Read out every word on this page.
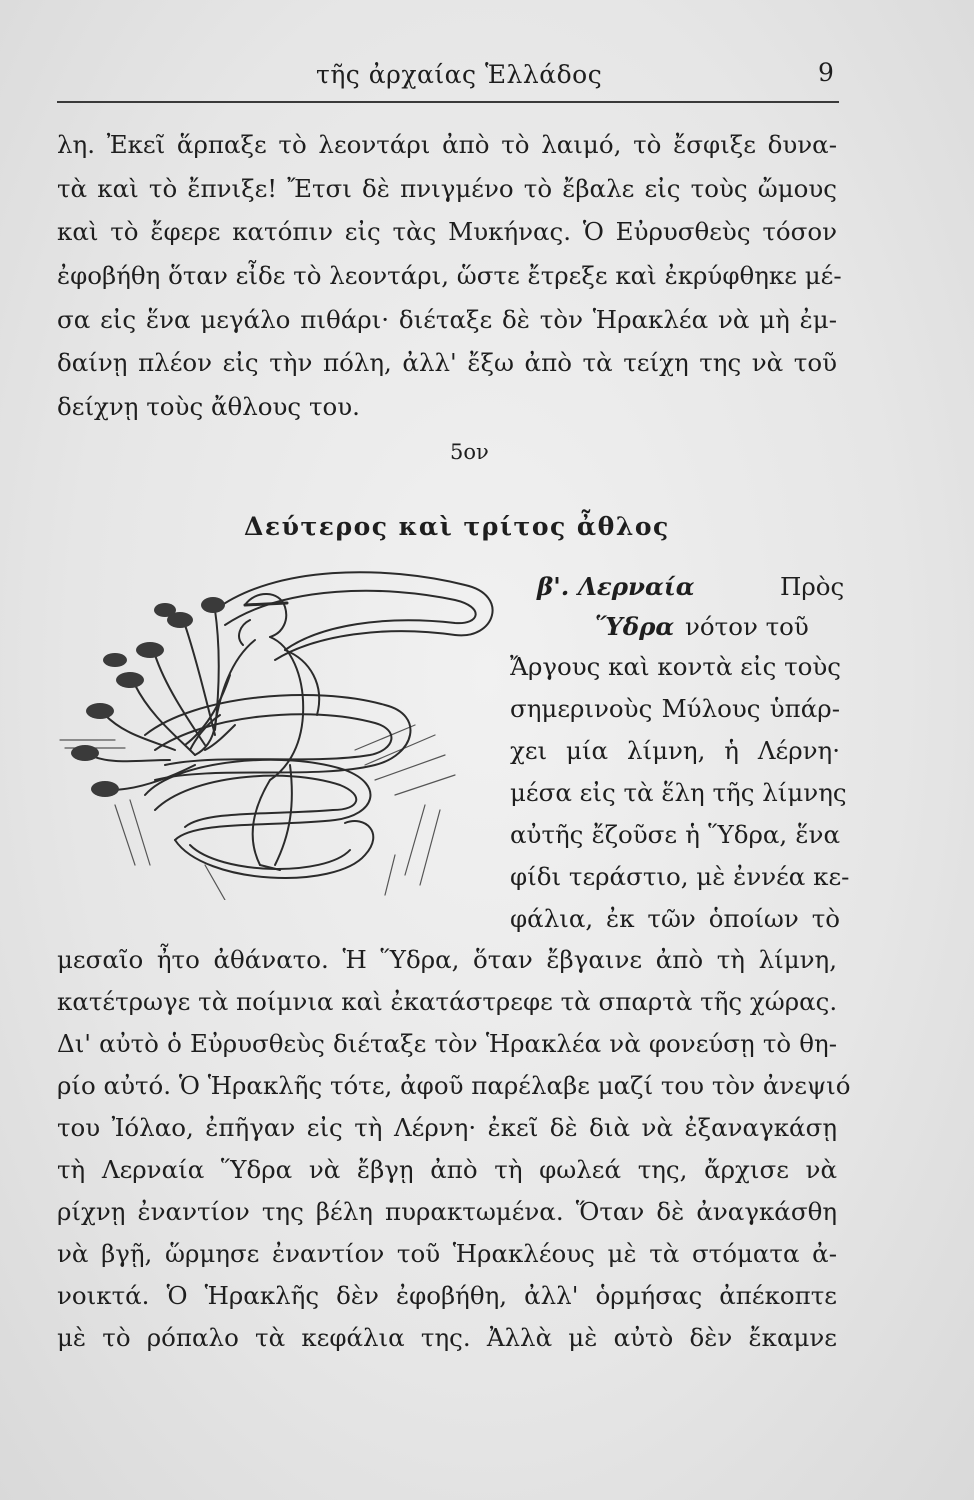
τῆς ἀρχαίας Ἑλλάδος	9
λη. Ἐκεῖ ἅρπαξε τὸ λεοντάρι ἀπὸ τὸ λαιμό, τὸ ἔσφιξε δυνα-
τὰ καὶ τὸ ἔπνιξε! Ἔτσι δὲ πνιγμένο τὸ ἔβαλε εἰς τοὺς ὤμους
καὶ τὸ ἔφερε κατόπιν εἰς τὰς Μυκήνας. Ὁ Εὐρυσθεὺς τόσον
ἐφοβήθη ὅταν εἶδε τὸ λεοντάρι, ὥστε ἔτρεξε καὶ ἐκρύφθηκε μέ-
σα εἰς ἕνα μεγάλο πιθάρι· διέταξε δὲ τὸν Ἡρακλέα νὰ μὴ ἐμ-
δαίνῃ πλέον εἰς τὴν πόλη, ἀλλ' ἔξω ἀπὸ τὰ τείχη της νὰ τοῦ
δείχνῃ τοὺς ἄθλους του.
5ον
Δεύτερος καὶ τρίτος ἆθλος
β'. Λερναία	Πρὸς
Ὕδρα νότον τοῦ
Ἄργους καὶ κοντὰ εἰς τοὺς
σημερινοὺς Μύλους ὑπάρ-
χει μία λίμνη, ἡ Λέρνη·
μέσα εἰς τὰ ἕλη τῆς λίμνης
αὐτῆς ἔζοῦσε ἡ Ὕδρα, ἕνα
φίδι τεράστιο, μὲ ἐννέα κε-
φάλια, ἐκ τῶν ὁποίων τὸ
μεσαῖο ἦτο ἀθάνατο. Ἡ Ὕδρα, ὅταν ἔβγαινε ἀπὸ τὴ λίμνη,
κατέτρωγε τὰ ποίμνια καὶ ἐκατάστρεφε τὰ σπαρτὰ τῆς χώρας.
Δι' αὐτὸ ὁ Εὐρυσθεὺς διέταξε τὸν Ἡρακλέα νὰ φονεύσῃ τὸ θη-
ρίο αὐτό. Ὁ Ἡρακλῆς τότε, ἀφοῦ παρέλαβε μαζί του τὸν ἀνεψιό
του Ἰόλαο, ἐπῆγαν εἰς τὴ Λέρνη· ἐκεῖ δὲ διὰ νὰ ἐξαναγκάσῃ
τὴ Λερναία Ὕδρα νὰ ἔβγῃ ἀπὸ τὴ φωλεά της, ἄρχισε νὰ
ρίχνῃ ἐναντίον της βέλη πυρακτωμένα. Ὅταν δὲ ἀναγκάσθη
νὰ βγῇ, ὥρμησε ἐναντίον τοῦ Ἡρακλέους μὲ τὰ στόματα ἀ-
νοικτά. Ὁ Ἡρακλῆς δὲν ἐφοβήθη, ἀλλ' ὁρμήσας ἀπέκοπτε
μὲ τὸ ρόπαλο τὰ κεφάλια της. Ἀλλὰ μὲ αὐτὸ δὲν ἔκαμνε
